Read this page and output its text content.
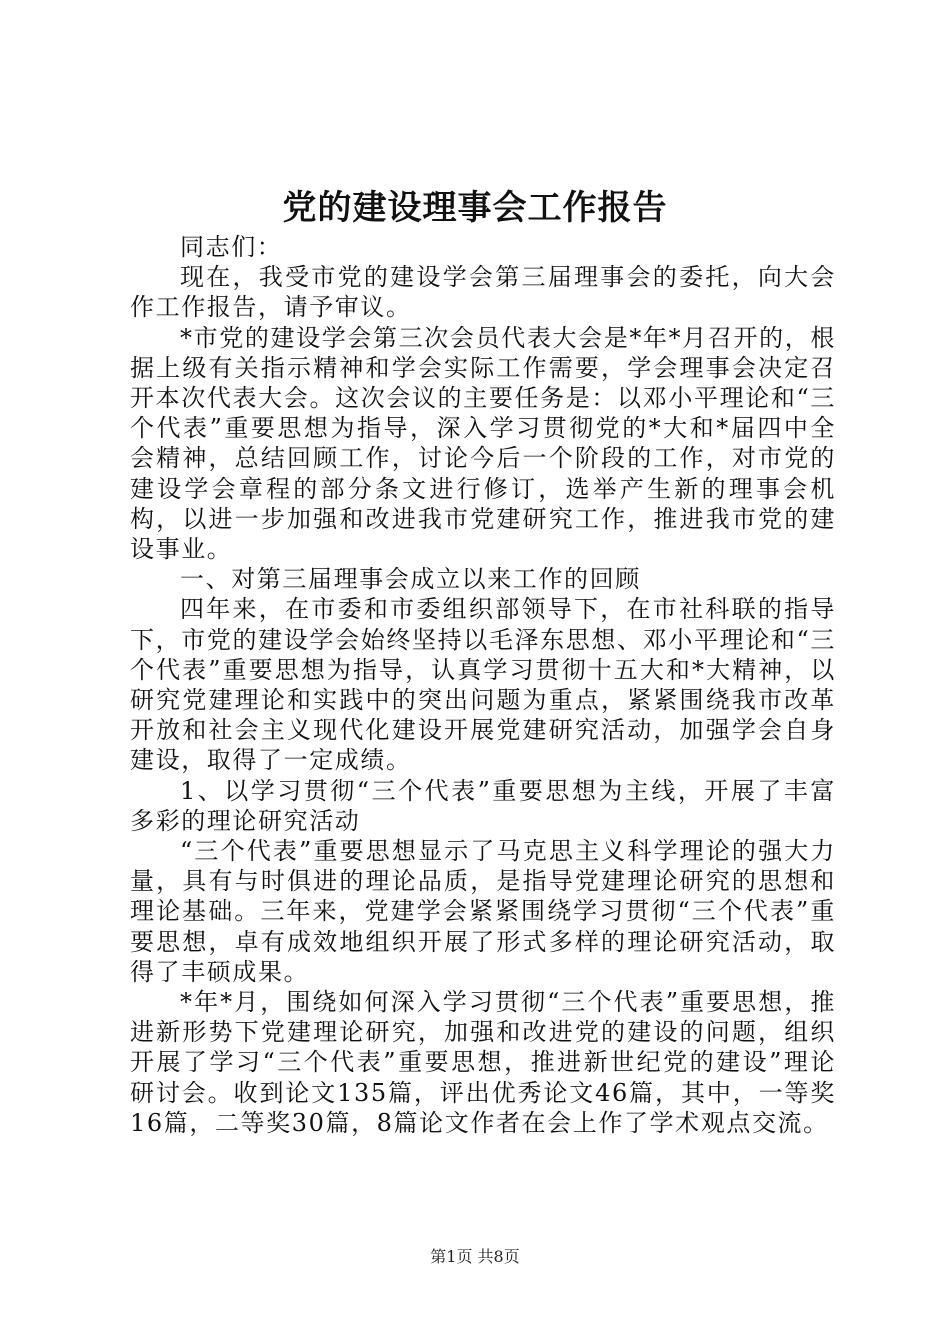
党的建设理事会工作报告

同志们：

现在，我受市党的建设学会第三届理事会的委托，向大会作工作报告，请予审议。

*市党的建设学会第三次会员代表大会是*年*月召开的，根据上级有关指示精神和学会实际工作需要，学会理事会决定召开本次代表大会。这次会议的主要任务是：以邓小平理论和“三个代表”重要思想为指导，深入学习贯彻党的*大和*届四中全会精神，总结回顾工作，讨论今后一个阶段的工作，对市党的建设学会章程的部分条文进行修订，选举产生新的理事会机构，以进一步加强和改进我市党建研究工作，推进我市党的建设事业。

一、对第三届理事会成立以来工作的回顾

四年来，在市委和市委组织部领导下，在市社科联的指导下，市党的建设学会始终坚持以毛泽东思想、邓小平理论和“三个代表”重要思想为指导，认真学习贯彻十五大和*大精神，以研究党建理论和实践中的突出问题为重点，紧紧围绕我市改革开放和社会主义现代化建设开展党建研究活动，加强学会自身建设，取得了一定成绩。

1、以学习贯彻“三个代表”重要思想为主线，开展了丰富多彩的理论研究活动

“三个代表”重要思想显示了马克思主义科学理论的强大力量，具有与时俱进的理论品质，是指导党建理论研究的思想和理论基础。三年来，党建学会紧紧围绕学习贯彻“三个代表”重要思想，卓有成效地组织开展了形式多样的理论研究活动，取得了丰硕成果。

*年*月，围绕如何深入学习贯彻“三个代表”重要思想，推进新形势下党建理论研究，加强和改进党的建设的问题，组织开展了学习“三个代表”重要思想，推进新世纪党的建设”理论研讨会。收到论文135篇，评出优秀论文46篇，其中，一等奖16篇，二等奖30篇，8篇论文作者在会上作了学术观点交流。

第1页 共8页
